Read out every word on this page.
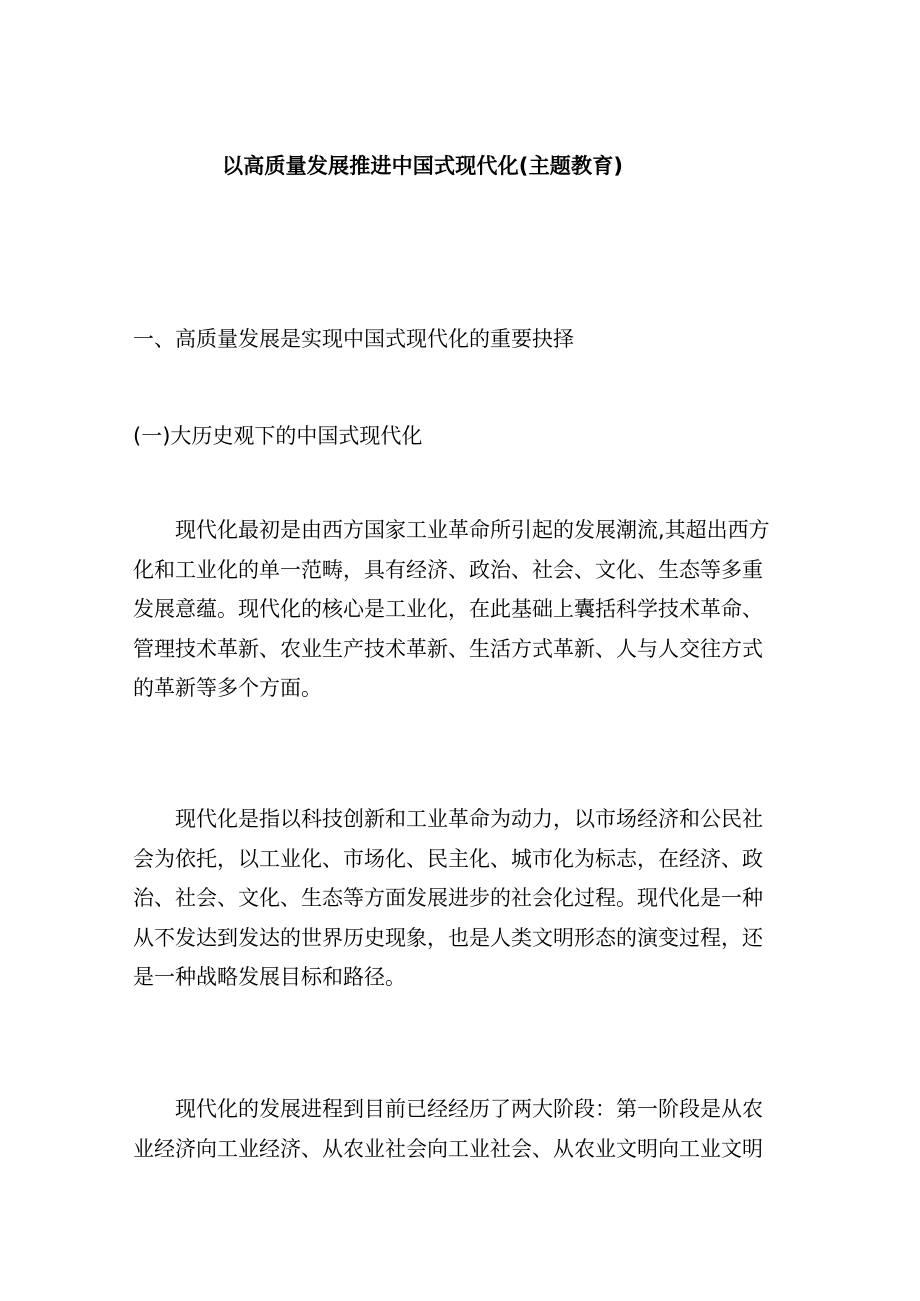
以高质量发展推进中国式现代化(主题教育)
一、高质量发展是实现中国式现代化的重要抉择
(一)大历史观下的中国式现代化
　　现代化最初是由西方国家工业革命所引起的发展潮流,其超出西方
化和工业化的单一范畴，具有经济、政治、社会、文化、生态等多重
发展意蕴。现代化的核心是工业化，在此基础上囊括科学技术革命、
管理技术革新、农业生产技术革新、生活方式革新、人与人交往方式
的革新等多个方面。
　　现代化是指以科技创新和工业革命为动力，以市场经济和公民社
会为依托，以工业化、市场化、民主化、城市化为标志，在经济、政
治、社会、文化、生态等方面发展进步的社会化过程。现代化是一种
从不发达到发达的世界历史现象，也是人类文明形态的演变过程，还
是一种战略发展目标和路径。
　　现代化的发展进程到目前已经经历了两大阶段：第一阶段是从农
业经济向工业经济、从农业社会向工业社会、从农业文明向工业文明
